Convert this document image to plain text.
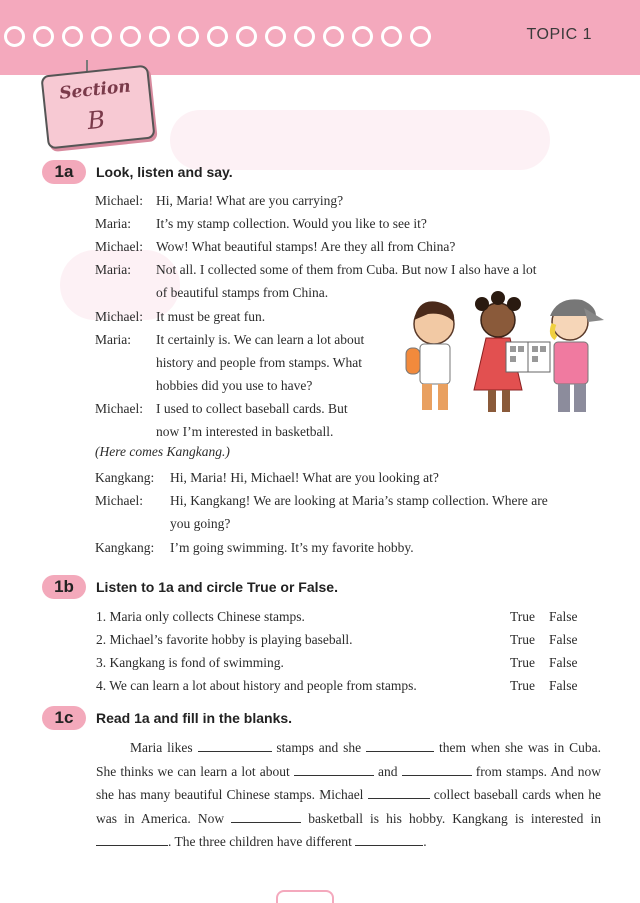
TOPIC 1
Section
B
1a	Look, listen and say.
Michael: Hi, Maria! What are you carrying?
Maria: It’s my stamp collection. Would you like to see it?
Michael: Wow! What beautiful stamps! Are they all from China?
Maria: Not all. I collected some of them from Cuba. But now I also have a lot
of beautiful stamps from China.
Michael: It must be great fun.
Maria: It certainly is. We can learn a lot about
history and people from stamps. What
hobbies did you use to have?
Michael: I used to collect baseball cards. But
now I’m interested in basketball.
(Here comes Kangkang.)
Kangkang: Hi, Maria! Hi, Michael! What are you looking at?
Michael: Hi, Kangkang! We are looking at Maria’s stamp collection. Where are
you going?
Kangkang: I’m going swimming. It’s my favorite hobby.
1b	Listen to 1a and circle True or False.
1. Maria only collects Chinese stamps.	True False
2. Michael’s favorite hobby is playing baseball.	True False
3. Kangkang is fond of swimming.	True False
4. We can learn a lot about history and people from stamps.	True False
1c	Read 1a and fill in the blanks.
Maria likes	stamps and she	them when she was in Cuba. She thinks we can learn a lot about	and	from stamps. And now she has many beautiful Chinese stamps. Michael	collect baseball cards when he was in America. Now	basketball is his hobby. Kangkang is interested in . The three children have different	.
